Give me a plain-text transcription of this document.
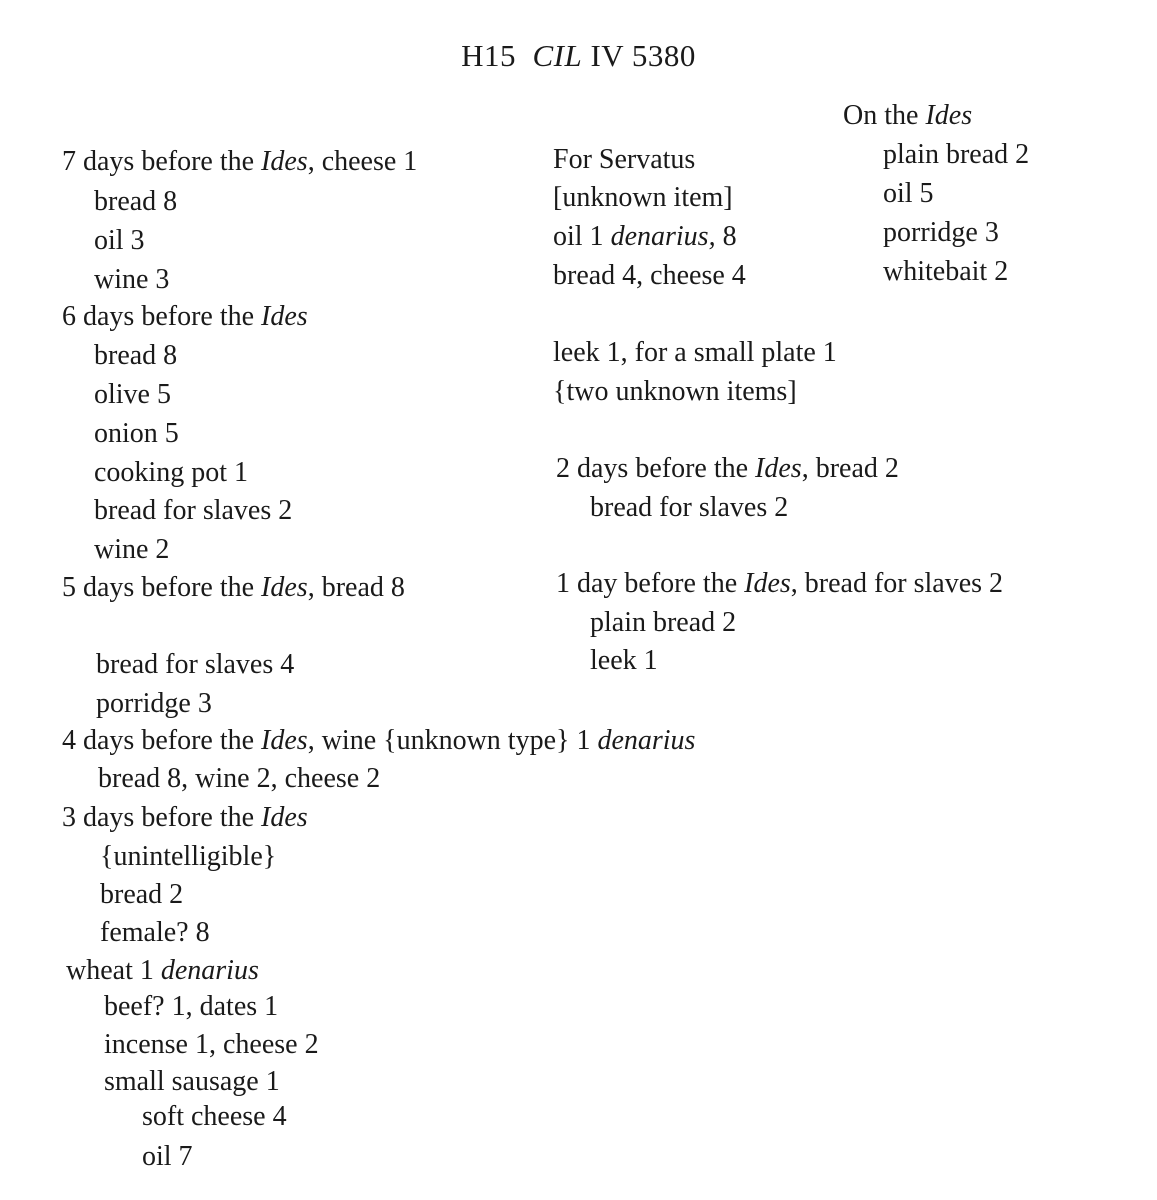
H15 CIL IV 5380
7 days before the Ides, cheese 1
bread 8
oil 3
wine 3
6 days before the Ides
bread 8
olive 5
onion 5
cooking pot 1
bread for slaves 2
wine 2
5 days before the Ides, bread 8
bread for slaves 4
porridge 3
4 days before the Ides, wine {unknown type} 1 denarius
bread 8, wine 2, cheese 2
3 days before the Ides
{unintelligible}
bread 2
female? 8
wheat 1 denarius
beef? 1, dates 1
incense 1, cheese 2
small sausage 1
soft cheese 4
oil 7
For Servatus
[unknown item]
oil 1 denarius, 8
bread 4, cheese 4
leek 1, for a small plate 1
{two unknown items]
2 days before the Ides, bread 2
bread for slaves 2
1 day before the Ides, bread for slaves 2
plain bread 2
leek 1
On the Ides
plain bread 2
oil 5
porridge 3
whitebait 2
